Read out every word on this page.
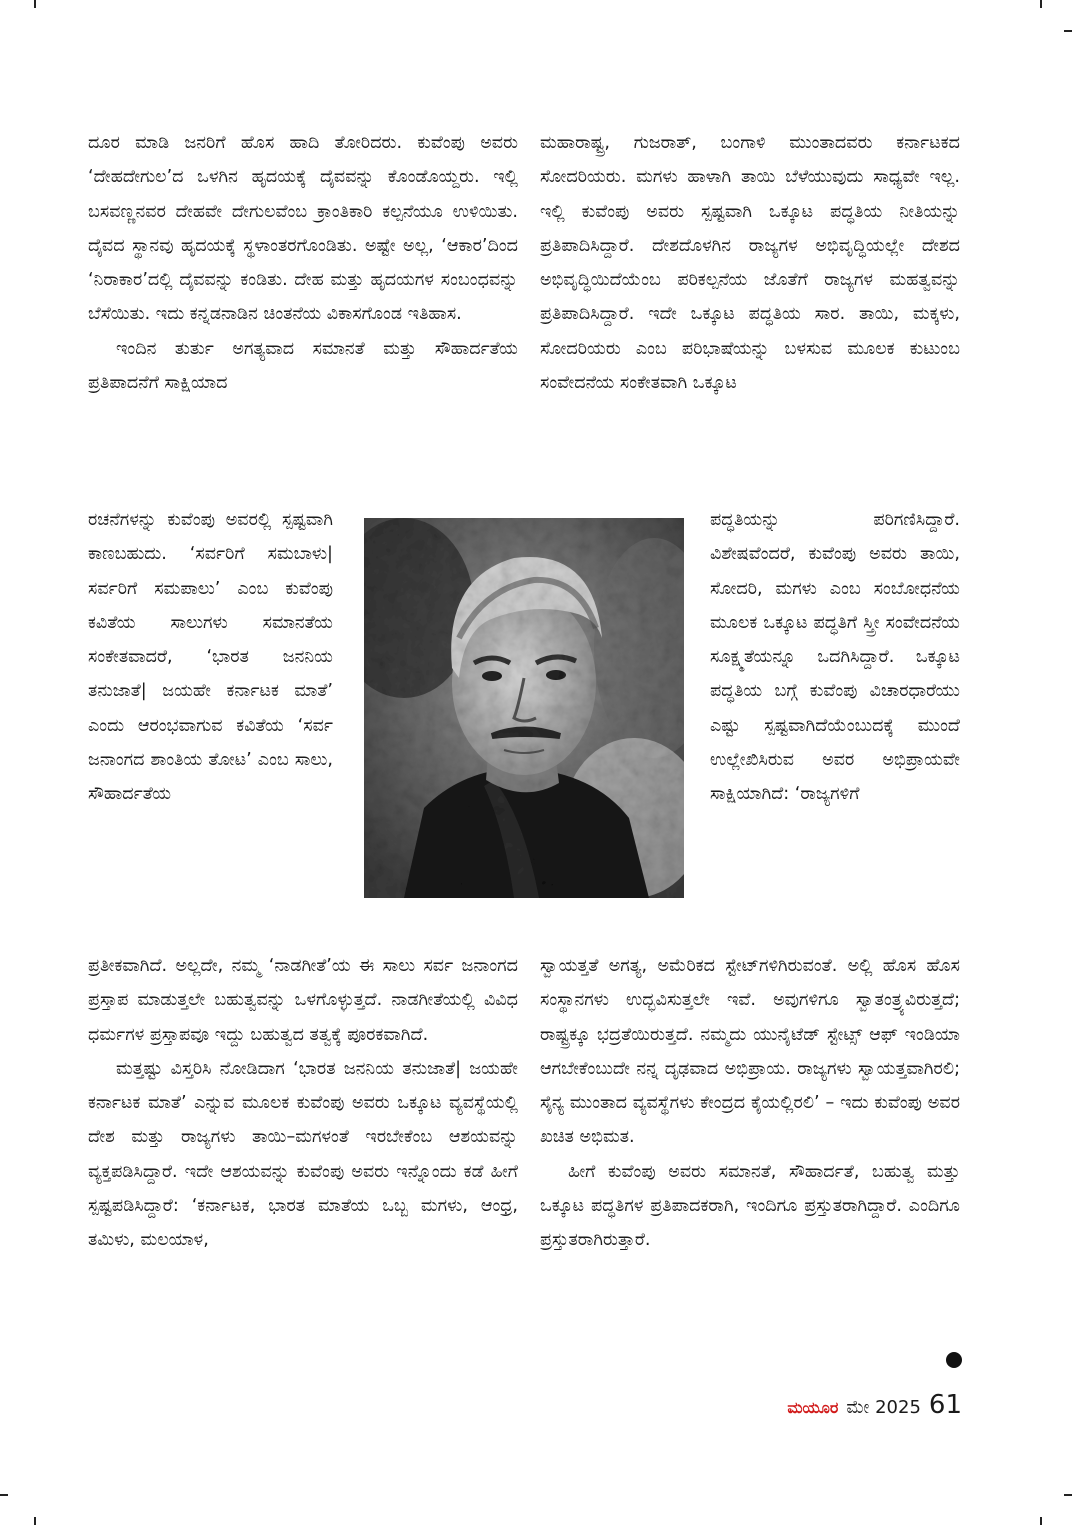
ದೂರ ಮಾಡಿ ಜನರಿಗೆ ಹೊಸ ಹಾದಿ ತೋರಿದರು. ಕುವೆಂಪು ಅವರು ‘ದೇಹದೇಗುಲ’ದ ಒಳಗಿನ ಹೃದಯಕ್ಕೆ ದೈವವನ್ನು ಕೊಂಡೊಯ್ದರು. ಇಲ್ಲಿ ಬಸವಣ್ಣನವರ ದೇಹವೇ ದೇಗುಲವೆಂಬ ಕ್ರಾಂತಿಕಾರಿ ಕಲ್ಪನೆಯೂ ಉಳಿಯಿತು. ದೈವದ ಸ್ಥಾನವು ಹೃದಯಕ್ಕೆ ಸ್ಥಳಾಂತರಗೊಂಡಿತು. ಅಷ್ಟೇ ಅಲ್ಲ, ‘ಆಕಾರ’ದಿಂದ ‘ನಿರಾಕಾರ’ದಲ್ಲಿ ದೈವವನ್ನು ಕಂಡಿತು. ದೇಹ ಮತ್ತು ಹೃದಯಗಳ ಸಂಬಂಧವನ್ನು ಬೆಸೆಯಿತು. ಇದು ಕನ್ನಡನಾಡಿನ ಚಿಂತನೆಯ ವಿಕಾಸಗೊಂಡ ಇತಿಹಾಸ.

ಇಂದಿನ ತುರ್ತು ಅಗತ್ಯವಾದ ಸಮಾನತೆ ಮತ್ತು ಸೌಹಾರ್ದತೆಯ ಪ್ರತಿಪಾದನೆಗೆ ಸಾಕ್ಷಿಯಾದ

ರಚನೆಗಳನ್ನು ಕುವೆಂಪು ಅವರಲ್ಲಿ ಸ್ಪಷ್ಟವಾಗಿ ಕಾಣಬಹುದು. ‘ಸರ್ವರಿಗೆ ಸಮಬಾಳು| ಸರ್ವರಿಗೆ ಸಮಪಾಲು’ ಎಂಬ ಕುವೆಂಪು ಕವಿತೆಯ ಸಾಲುಗಳು ಸಮಾನತೆಯ ಸಂಕೇತವಾದರೆ, ‘ಭಾರತ ಜನನಿಯ ತನುಜಾತೆ| ಜಯಹೇ ಕರ್ನಾಟಕ ಮಾತೆ’ ಎಂದು ಆರಂಭವಾಗುವ ಕವಿತೆಯ ‘ಸರ್ವ ಜನಾಂಗದ ಶಾಂತಿಯ ತೋಟ’ ಎಂಬ ಸಾಲು, ಸೌಹಾರ್ದತೆಯ

ಪ್ರತೀಕವಾಗಿದೆ. ಅಲ್ಲದೇ, ನಮ್ಮ ‘ನಾಡಗೀತೆ’ಯ ಈ ಸಾಲು ಸರ್ವ ಜನಾಂಗದ ಪ್ರಸ್ತಾಪ ಮಾಡುತ್ತಲೇ ಬಹುತ್ವವನ್ನು ಒಳಗೊಳ್ಳುತ್ತದೆ. ನಾಡಗೀತೆಯಲ್ಲಿ ವಿವಿಧ ಧರ್ಮಗಳ ಪ್ರಸ್ತಾಪವೂ ಇದ್ದು ಬಹುತ್ವದ ತತ್ವಕ್ಕೆ ಪೂರಕವಾಗಿದೆ.

ಮತ್ತಷ್ಟು ವಿಸ್ತರಿಸಿ ನೋಡಿದಾಗ ‘ಭಾರತ ಜನನಿಯ ತನುಜಾತೆ| ಜಯಹೇ ಕರ್ನಾಟಕ ಮಾತೆ’ ಎನ್ನುವ ಮೂಲಕ ಕುವೆಂಪು ಅವರು ಒಕ್ಕೂಟ ವ್ಯವಸ್ಥೆಯಲ್ಲಿ ದೇಶ ಮತ್ತು ರಾಜ್ಯಗಳು ತಾಯಿ–ಮಗಳಂತೆ ಇರಬೇಕೆಂಬ ಆಶಯವನ್ನು ವ್ಯಕ್ತಪಡಿಸಿದ್ದಾರೆ. ಇದೇ ಆಶಯವನ್ನು ಕುವೆಂಪು ಅವರು ಇನ್ನೊಂದು ಕಡೆ ಹೀಗೆ ಸ್ಪಷ್ಟಪಡಿಸಿದ್ದಾರೆ: ‘ಕರ್ನಾಟಕ, ಭಾರತ ಮಾತೆಯ ಒಬ್ಬ ಮಗಳು, ಆಂಧ್ರ, ತಮಿಳು, ಮಲಯಾಳ,

ಮಹಾರಾಷ್ಟ್ರ, ಗುಜರಾತ್, ಬಂಗಾಳಿ ಮುಂತಾದವರು ಕರ್ನಾಟಕದ ಸೋದರಿಯರು. ಮಗಳು ಹಾಳಾಗಿ ತಾಯಿ ಬೆಳೆಯುವುದು ಸಾಧ್ಯವೇ ಇಲ್ಲ. ಇಲ್ಲಿ ಕುವೆಂಪು ಅವರು ಸ್ಪಷ್ಟವಾಗಿ ಒಕ್ಕೂಟ ಪದ್ಧತಿಯ ನೀತಿಯನ್ನು ಪ್ರತಿಪಾದಿಸಿದ್ದಾರೆ. ದೇಶದೊಳಗಿನ ರಾಜ್ಯಗಳ ಅಭಿವೃದ್ಧಿಯಲ್ಲೇ ದೇಶದ ಅಭಿವೃದ್ಧಿಯಿದೆಯೆಂಬ ಪರಿಕಲ್ಪನೆಯ ಜೊತೆಗೆ ರಾಜ್ಯಗಳ ಮಹತ್ವವನ್ನು ಪ್ರತಿಪಾದಿಸಿದ್ದಾರೆ. ಇದೇ ಒಕ್ಕೂಟ ಪದ್ಧತಿಯ ಸಾರ. ತಾಯಿ, ಮಕ್ಕಳು, ಸೋದರಿಯರು ಎಂಬ ಪರಿಭಾಷೆಯನ್ನು ಬಳಸುವ ಮೂಲಕ ಕುಟುಂಬ ಸಂವೇದನೆಯ ಸಂಕೇತವಾಗಿ ಒಕ್ಕೂಟ

ಪದ್ಧತಿಯನ್ನು ಪರಿಗಣಿಸಿದ್ದಾರೆ. ವಿಶೇಷವೆಂದರೆ, ಕುವೆಂಪು ಅವರು ತಾಯಿ, ಸೋದರಿ, ಮಗಳು ಎಂಬ ಸಂಬೋಧನೆಯ ಮೂಲಕ ಒಕ್ಕೂಟ ಪದ್ಧತಿಗೆ ಸ್ತ್ರೀ ಸಂವೇದನೆಯ ಸೂಕ್ಷ್ಮತೆಯನ್ನೂ ಒದಗಿಸಿದ್ದಾರೆ. ಒಕ್ಕೂಟ ಪದ್ಧತಿಯ ಬಗ್ಗೆ ಕುವೆಂಪು ವಿಚಾರಧಾರೆಯು ಎಷ್ಟು ಸ್ಪಷ್ಟವಾಗಿದೆಯೆಂಬುದಕ್ಕೆ ಮುಂದೆ ಉಲ್ಲೇಖಿಸಿರುವ ಅವರ ಅಭಿಪ್ರಾಯವೇ ಸಾಕ್ಷಿಯಾಗಿದೆ: ‘ರಾಜ್ಯಗಳಿಗೆ

ಸ್ವಾಯತ್ತತೆ ಅಗತ್ಯ, ಅಮೆರಿಕದ ಸ್ಟೇಟ್‌ಗಳಿಗಿರುವಂತೆ. ಅಲ್ಲಿ ಹೊಸ ಹೊಸ ಸಂಸ್ಥಾನಗಳು ಉದ್ಭವಿಸುತ್ತಲೇ ಇವೆ. ಅವುಗಳಿಗೂ ಸ್ವಾತಂತ್ರ್ಯವಿರುತ್ತದೆ; ರಾಷ್ಟ್ರಕ್ಕೂ ಭದ್ರತೆಯಿರುತ್ತದೆ. ನಮ್ಮದು ಯುನೈಟೆಡ್ ಸ್ಟೇಟ್ಸ್ ಆಫ್ ಇಂಡಿಯಾ ಆಗಬೇಕೆಂಬುದೇ ನನ್ನ ದೃಢವಾದ ಅಭಿಪ್ರಾಯ. ರಾಜ್ಯಗಳು ಸ್ವಾಯತ್ತವಾಗಿರಲಿ; ಸೈನ್ಯ ಮುಂತಾದ ವ್ಯವಸ್ಥೆಗಳು ಕೇಂದ್ರದ ಕೈಯಲ್ಲಿರಲಿ’ – ಇದು ಕುವೆಂಪು ಅವರ ಖಚಿತ ಅಭಿಮತ.

ಹೀಗೆ ಕುವೆಂಪು ಅವರು ಸಮಾನತೆ, ಸೌಹಾರ್ದತೆ, ಬಹುತ್ವ ಮತ್ತು ಒಕ್ಕೂಟ ಪದ್ಧತಿಗಳ ಪ್ರತಿಪಾದಕರಾಗಿ, ಇಂದಿಗೂ ಪ್ರಸ್ತುತರಾಗಿದ್ದಾರೆ. ಎಂದಿಗೂ ಪ್ರಸ್ತುತರಾಗಿರುತ್ತಾರೆ.

ಮಯೂರ ಮೇ 2025 61
